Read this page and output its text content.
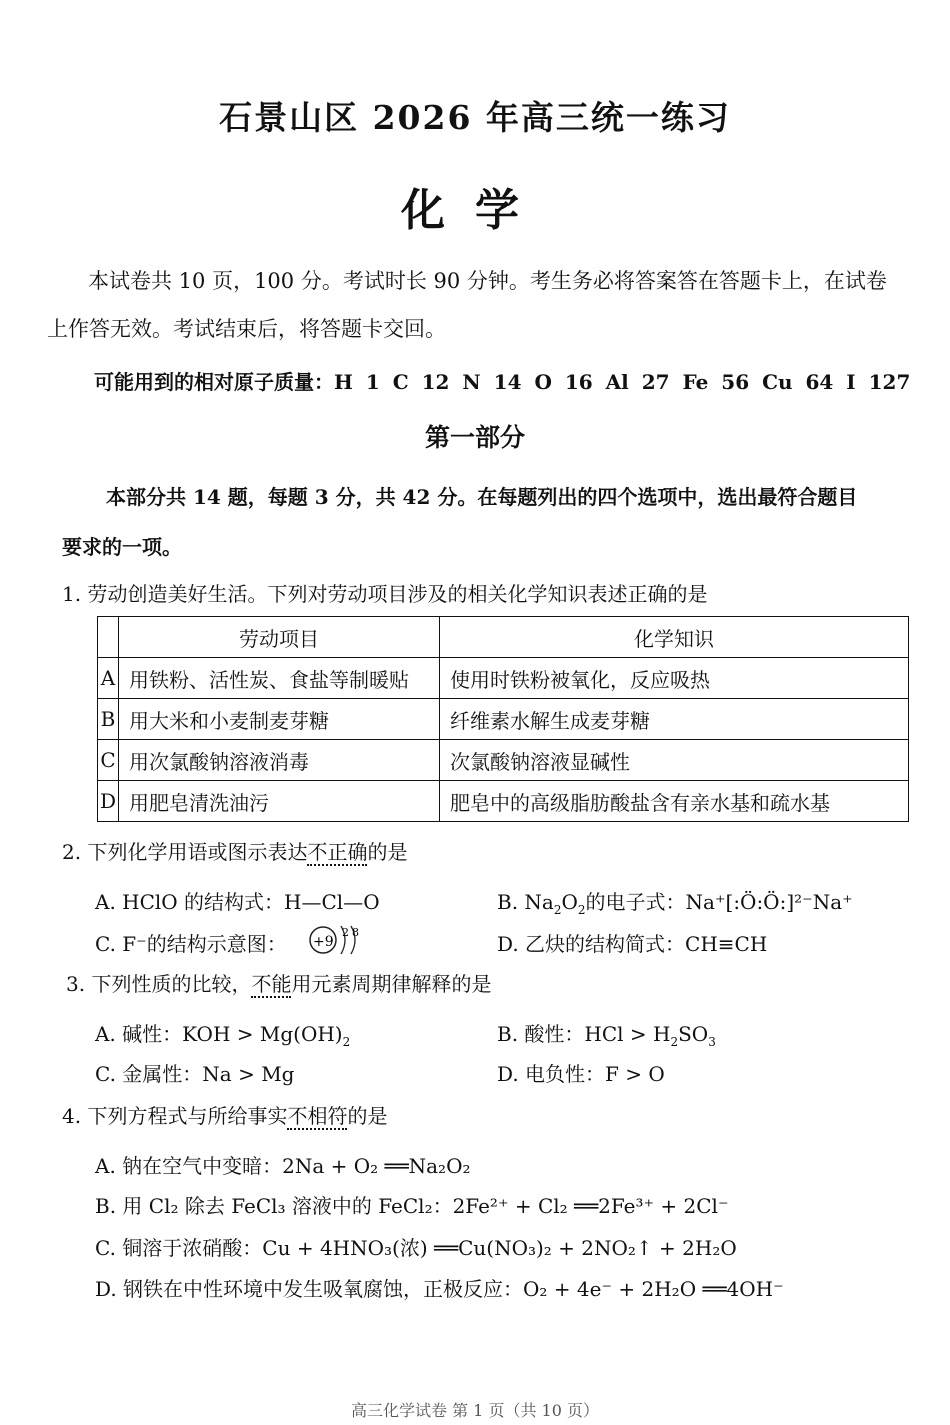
石景山区 2026 年高三统一练习
化学
本试卷共 10 页，100 分。考试时长 90 分钟。考生务必将答案答在答题卡上，在试卷
上作答无效。考试结束后，将答题卡交回。
可能用到的相对原子质量：H 1 C 12 N 14 O 16 Al 27 Fe 56 Cu 64 I 127
第一部分
本部分共 14 题，每题 3 分，共 42 分。在每题列出的四个选项中，选出最符合题目
要求的一项。
1. 劳动创造美好生活。下列对劳动项目涉及的相关化学知识表述正确的是
	劳动项目	化学知识
A	用铁粉、活性炭、食盐等制暖贴	使用时铁粉被氧化，反应吸热
B	用大米和小麦制麦芽糖	纤维素水解生成麦芽糖
C	用次氯酸钠溶液消毒	次氯酸钠溶液显碱性
D	用肥皂清洗油污	肥皂中的高级脂肪酸盐含有亲水基和疏水基
2. 下列化学用语或图示表达不正确的是
A. HClO 的结构式：H—Cl—O	B. $Na_2O_2$的电子式：Na⁺[:Ö:Ö:]²⁻Na⁺
C. F⁻的结构示意图： +9
2 8	D. 乙炔的结构简式：CH≡CH
3. 下列性质的比较，不能用元素周期律解释的是
A. 碱性：KOH > $Mg(OH)_2$	B. 酸性：HCl > $H_2SO_3$
C. 金属性：Na > Mg	D. 电负性：F > O
4. 下列方程式与所给事实不相符的是
A. 钠在空气中变暗：2Na + O₂ ══Na₂O₂
B. 用 Cl₂ 除去 FeCl₃ 溶液中的 FeCl₂：2Fe²⁺ + Cl₂ ══2Fe³⁺ + 2Cl⁻
C. 铜溶于浓硝酸：Cu + 4HNO₃(浓) ══Cu(NO₃)₂ + 2NO₂↑ + 2H₂O
D. 钢铁在中性环境中发生吸氧腐蚀，正极反应：O₂ + 4e⁻ + 2H₂O ══4OH⁻
高三化学试卷 第 1 页（共 10 页）
